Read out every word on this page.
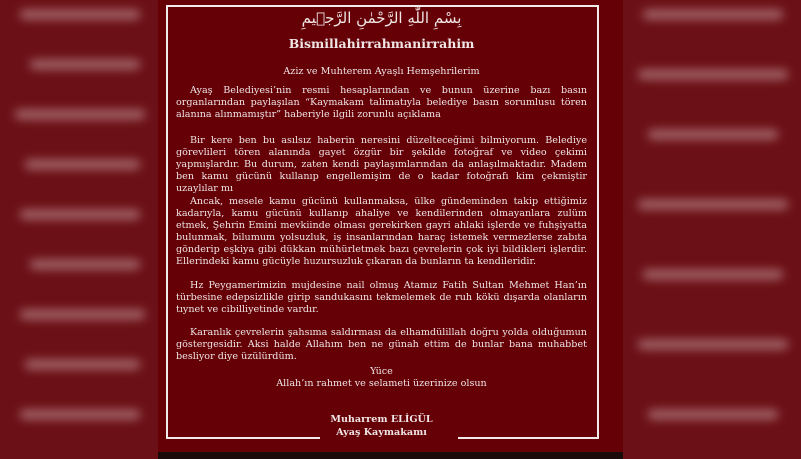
بِسْمِ اللّٰهِ الرَّحْمٰنِ الرَّج۪يمِ
Bismillahirrahmanirrahim
Aziz ve Muhterem Ayaşlı Hemşehrilerim
Ayaş Belediyesi’nin resmi hesaplarından ve bunun üzerine bazı basın organlarından paylaşılan “Kaymakam talimatıyla belediye basın sorumlusu tören alanına alınmamıştır” haberiyle ilgili zorunlu açıklama
Bir kere ben bu asılsız haberin neresini düzelteceğimi bilmiyorum. Belediye görevlileri tören alanında gayet özgür bir şekilde fotoğraf ve video çekimi yapmışlardır. Bu durum, zaten kendi paylaşımlarından da anlaşılmaktadır. Madem ben kamu gücünü kullanıp engellemişim de o kadar fotoğrafı kim çekmiştir uzaylılar mı
Ancak, mesele kamu gücünü kullanmaksa, ülke gündeminden takip ettiğimiz kadarıyla, kamu gücünü kullanıp ahaliye ve kendilerinden olmayanlara zulüm etmek, Şehrin Emini mevkiinde olması gerekirken gayri ahlaki işlerde ve fuhşiyatta bulunmak, bilumum yolsuzluk, iş insanlarından haraç istemek vermezlerse zabıta gönderip eşkiya gibi dükkan mühürletmek bazı çevrelerin çok iyi bildikleri işlerdir. Ellerindeki kamu gücüyle huzursuzluk çıkaran da bunların ta kendileridir.
Hz Peygamerimizin mujdesine nail olmuş Atamız Fatih Sultan Mehmet Han’ın türbesine edepsizlikle girip sandukasını tekmelemek de ruh kökü dışarda olanların tıynet ve cibilliyetinde vardır.
Karanlık çevrelerin şahsıma saldırması da elhamdülillah doğru yolda olduğumun göstergesidir. Aksi halde Allahım ben ne günah ettim de bunlar bana muhabbet besliyor diye üzülürdüm.
Yüce
Allah’ın rahmet ve selameti üzerinize olsun
Muharrem ELİGÜL
Ayaş Kaymakamı
